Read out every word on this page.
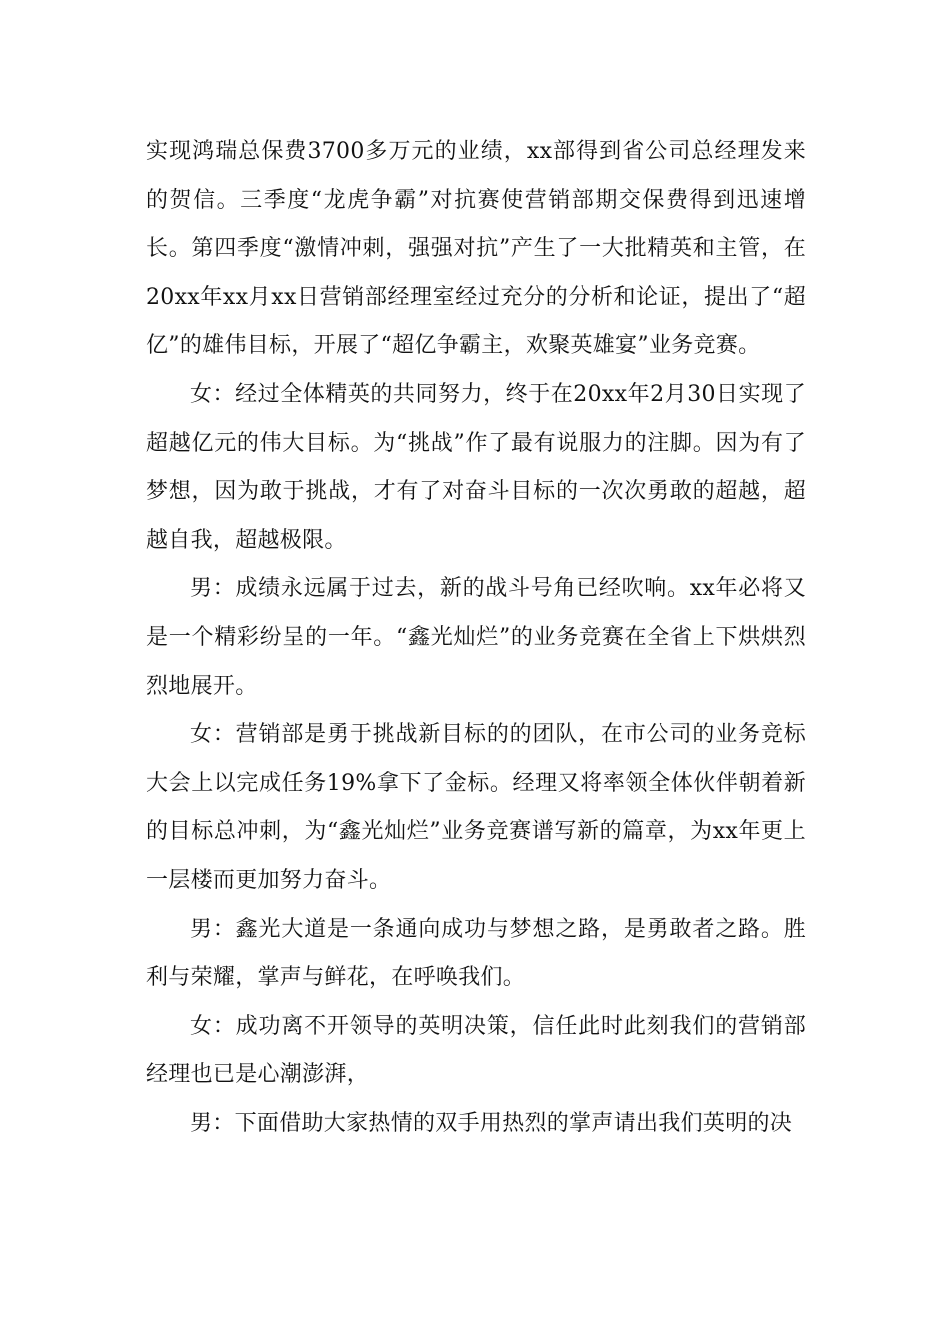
实现鸿瑞总保费3700多万元的业绩，xx部得到省公司总经理发来的贺信。三季度“龙虎争霸”对抗赛使营销部期交保费得到迅速增长。第四季度“激情冲刺，强强对抗”产生了一大批精英和主管，在20xx年xx月xx日营销部经理室经过充分的分析和论证，提出了“超亿”的雄伟目标，开展了“超亿争霸主，欢聚英雄宴”业务竞赛。

女：经过全体精英的共同努力，终于在20xx年2月30日实现了超越亿元的伟大目标。为“挑战”作了最有说服力的注脚。因为有了梦想，因为敢于挑战，才有了对奋斗目标的一次次勇敢的超越，超越自我，超越极限。

男：成绩永远属于过去，新的战斗号角已经吹响。xx年必将又是一个精彩纷呈的一年。“鑫光灿烂”的业务竞赛在全省上下烘烘烈烈地展开。

女：营销部是勇于挑战新目标的的团队，在市公司的业务竞标大会上以完成任务19%拿下了金标。经理又将率领全体伙伴朝着新的目标总冲刺，为“鑫光灿烂”业务竞赛谱写新的篇章，为xx年更上一层楼而更加努力奋斗。

男：鑫光大道是一条通向成功与梦想之路，是勇敢者之路。胜利与荣耀，掌声与鲜花，在呼唤我们。

女：成功离不开领导的英明决策，信任此时此刻我们的营销部经理也已是心潮澎湃，

男：下面借助大家热情的双手用热烈的掌声请出我们英明的决
